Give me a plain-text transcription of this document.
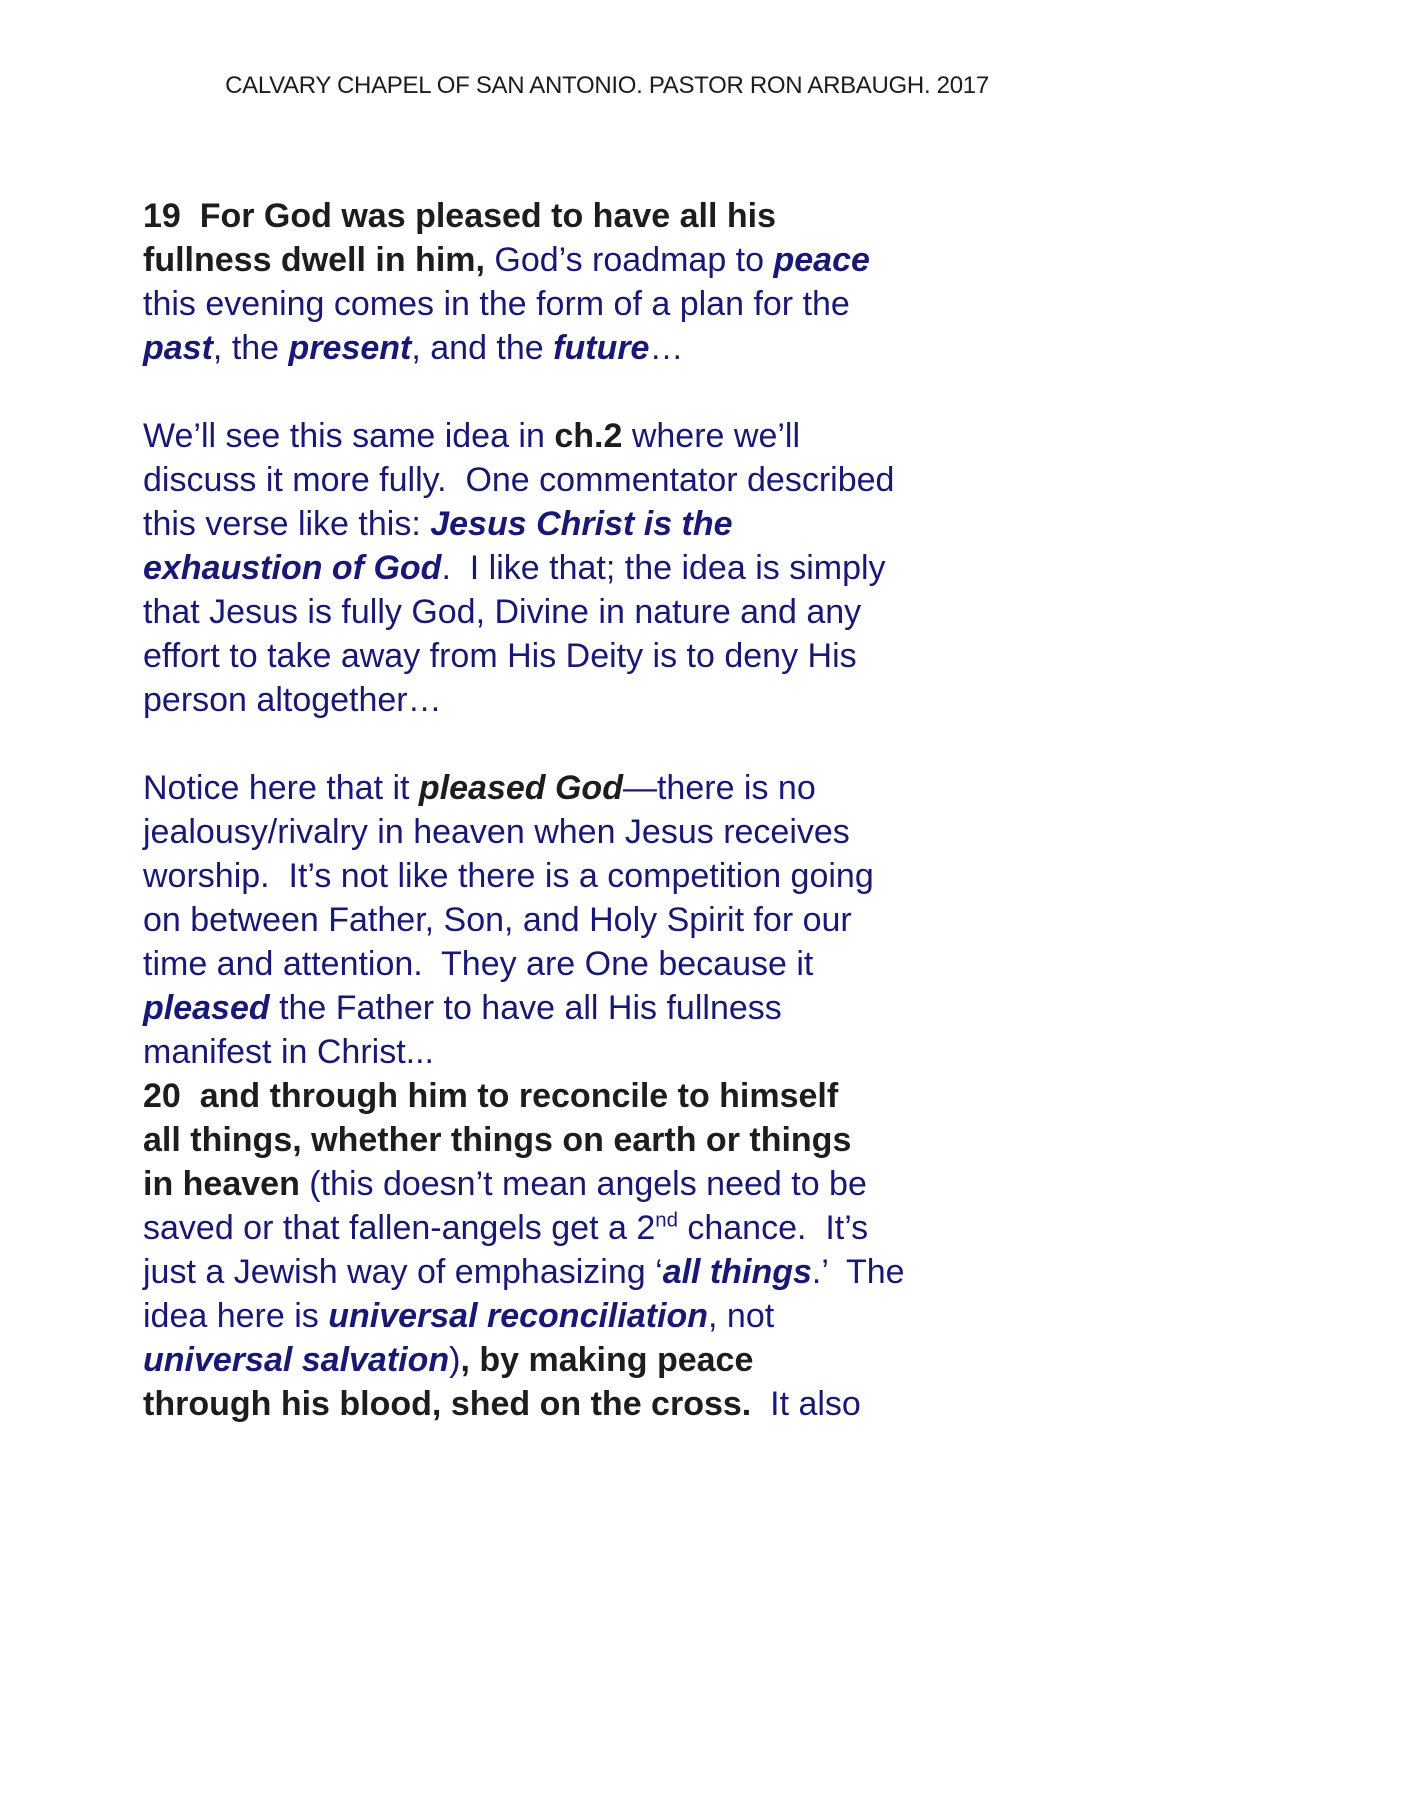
CALVARY CHAPEL OF SAN ANTONIO. PASTOR RON ARBAUGH. 2017

19  For God was pleased to have all his
fullness dwell in him, God’s roadmap to peace
this evening comes in the form of a plan for the
past, the present, and the future…

We’ll see this same idea in ch.2 where we’ll
discuss it more fully.  One commentator described
this verse like this: Jesus Christ is the
exhaustion of God.  I like that; the idea is simply
that Jesus is fully God, Divine in nature and any
effort to take away from His Deity is to deny His
person altogether…

Notice here that it pleased God—there is no
jealousy/rivalry in heaven when Jesus receives
worship.  It’s not like there is a competition going
on between Father, Son, and Holy Spirit for our
time and attention.  They are One because it
pleased the Father to have all His fullness
manifest in Christ...

20  and through him to reconcile to himself
all things, whether things on earth or things
in heaven (this doesn’t mean angels need to be
saved or that fallen-angels get a 2nd chance.  It’s
just a Jewish way of emphasizing ‘all things.’  The
idea here is universal reconciliation, not
universal salvation), by making peace
through his blood, shed on the cross.  It also
